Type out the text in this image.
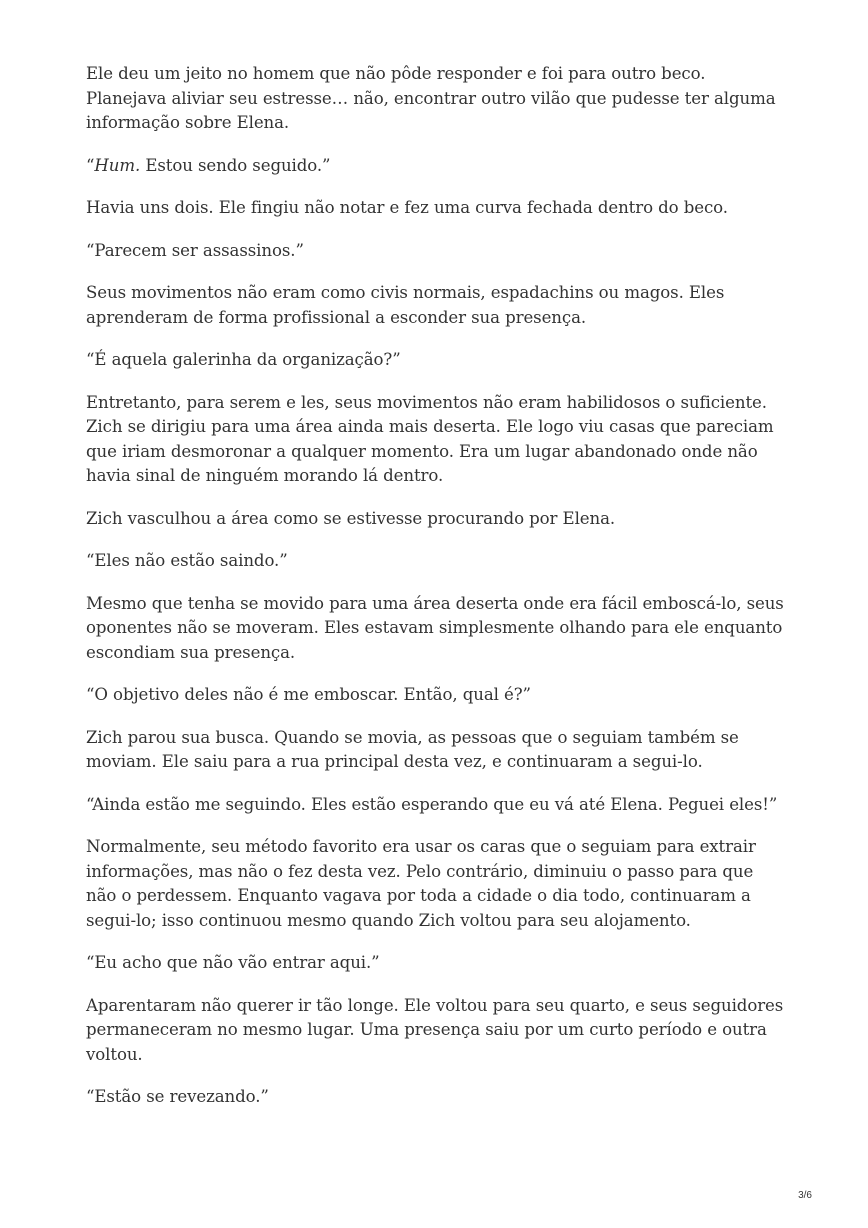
Ele deu um jeito no homem que não pôde responder e foi para outro beco. Planejava aliviar seu estresse… não, encontrar outro vilão que pudesse ter alguma informação sobre Elena.

“Hum. Estou sendo seguido.”

Havia uns dois. Ele fingiu não notar e fez uma curva fechada dentro do beco.

“Parecem ser assassinos.”

Seus movimentos não eram como civis normais, espadachins ou magos. Eles aprenderam de forma profissional a esconder sua presença.

“É aquela galerinha da organização?”

Entretanto, para serem e les, seus movimentos não eram habilidosos o suficiente. Zich se dirigiu para uma área ainda mais deserta. Ele logo viu casas que pareciam que iriam desmoronar a qualquer momento. Era um lugar abandonado onde não havia sinal de ninguém morando lá dentro.

Zich vasculhou a área como se estivesse procurando por Elena.

“Eles não estão saindo.”

Mesmo que tenha se movido para uma área deserta onde era fácil emboscá-lo, seus oponentes não se moveram. Eles estavam simplesmente olhando para ele enquanto escondiam sua presença.

“O objetivo deles não é me emboscar. Então, qual é?”

Zich parou sua busca. Quando se movia, as pessoas que o seguiam também se moviam. Ele saiu para a rua principal desta vez, e continuaram a segui-lo.

“Ainda estão me seguindo. Eles estão esperando que eu vá até Elena. Peguei eles!”

Normalmente, seu método favorito era usar os caras que o seguiam para extrair informações, mas não o fez desta vez. Pelo contrário, diminuiu o passo para que não o perdessem. Enquanto vagava por toda a cidade o dia todo, continuaram a segui-lo; isso continuou mesmo quando Zich voltou para seu alojamento.

“Eu acho que não vão entrar aqui.”

Aparentaram não querer ir tão longe. Ele voltou para seu quarto, e seus seguidores permaneceram no mesmo lugar. Uma presença saiu por um curto período e outra voltou.

“Estão se revezando.”

3/6
